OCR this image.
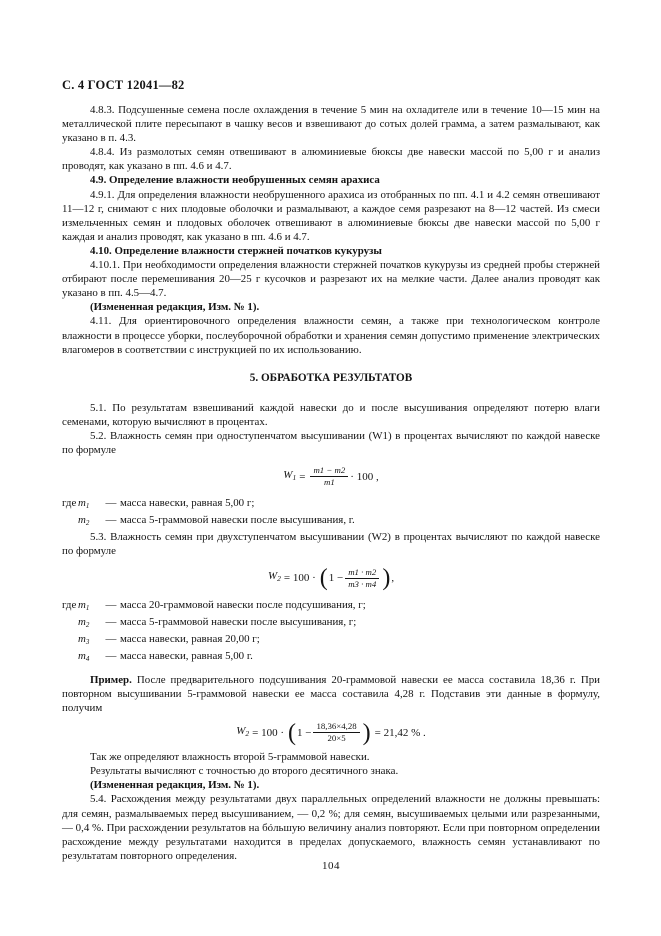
С. 4 ГОСТ 12041—82

4.8.3. Подсушенные семена после охлаждения в течение 5 мин на охладителе или в течение 10—15 мин на металлической плите пересыпают в чашку весов и взвешивают до сотых долей грамма, а затем размалывают, как указано в п. 4.3.

4.8.4. Из размолотых семян отвешивают в алюминиевые бюксы две навески массой по 5,00 г и анализ проводят, как указано в пп. 4.6 и 4.7.

4.9. Определение влажности необрушенных семян арахиса

4.9.1. Для определения влажности необрушенного арахиса из отобранных по пп. 4.1 и 4.2 семян отвешивают 11—12 г, снимают с них плодовые оболочки и размалывают, а каждое семя разрезают на 8—12 частей. Из смеси измельченных семян и плодовых оболочек отвешивают в алюминиевые бюксы две навески массой по 5,00 г каждая и анализ проводят, как указано в пп. 4.6 и 4.7.

4.10. Определение влажности стержней початков кукурузы

4.10.1. При необходимости определения влажности стержней початков кукурузы из средней пробы стержней отбирают после перемешивания 20—25 г кусочков и разрезают их на мелкие части. Далее анализ проводят как указано в пп. 4.5—4.7.

(Измененная редакция, Изм. № 1).

4.11. Для ориентировочного определения влажности семян, а также при технологическом контроле влажности в процессе уборки, послеуборочной обработки и хранения семян допустимо применение электрических влагомеров в соответствии с инструкцией по их использованию.

5. ОБРАБОТКА РЕЗУЛЬТАТОВ

5.1. По результатам взвешиваний каждой навески до и после высушивания определяют потерю влаги семенами, которую вычисляют в процентах.

5.2. Влажность семян при одноступенчатом высушивании (W1) в процентах вычисляют по каждой навеске по формуле

$W_1 = \frac{m1 - m2}{m1} \cdot 100$ ,
где $m_1$	— масса навески, равная 5,00 г;
$m_2$	— масса 5-граммовой навески после высушивания, г.

5.3. Влажность семян при двухступенчатом высушивании (W2) в процентах вычисляют по каждой навеске по формуле

$W_2 = 100$ · ( $1 - \frac{m1 \cdot m2}{m3 \cdot m4}$ ) ,
где $m_1$	— масса 20-граммовой навески после подсушивания, г;
$m_2$	— масса 5-граммовой навески после высушивания, г;
$m_3$	— масса навески, равная 20,00 г;
$m_4$	— масса навески, равная 5,00 г.

Пример. После предварительного подсушивания 20-граммовой навески ее масса составила 18,36 г. При повторном высушивании 5-граммовой навески ее масса составила 4,28 г. Подставив эти данные в формулу, получим

$W_2 = 100$ · ( $1 - \frac{18,36\times 4,28}{20\times 5}$ ) = 21,42 % .

Так же определяют влажность второй 5-граммовой навески.

Результаты вычисляют с точностью до второго десятичного знака.

(Измененная редакция, Изм. № 1).

5.4. Расхождения между результатами двух параллельных определений влажности не должны превышать: для семян, размалываемых перед высушиванием, — 0,2 %; для семян, высушиваемых целыми или разрезанными, — 0,4 %. При расхождении результатов на бóльшую величину анализ повторяют. Если при повторном определении расхождение между результатами находится в пределах допускаемого, влажность семян устанавливают по результатам повторного определения.

104
